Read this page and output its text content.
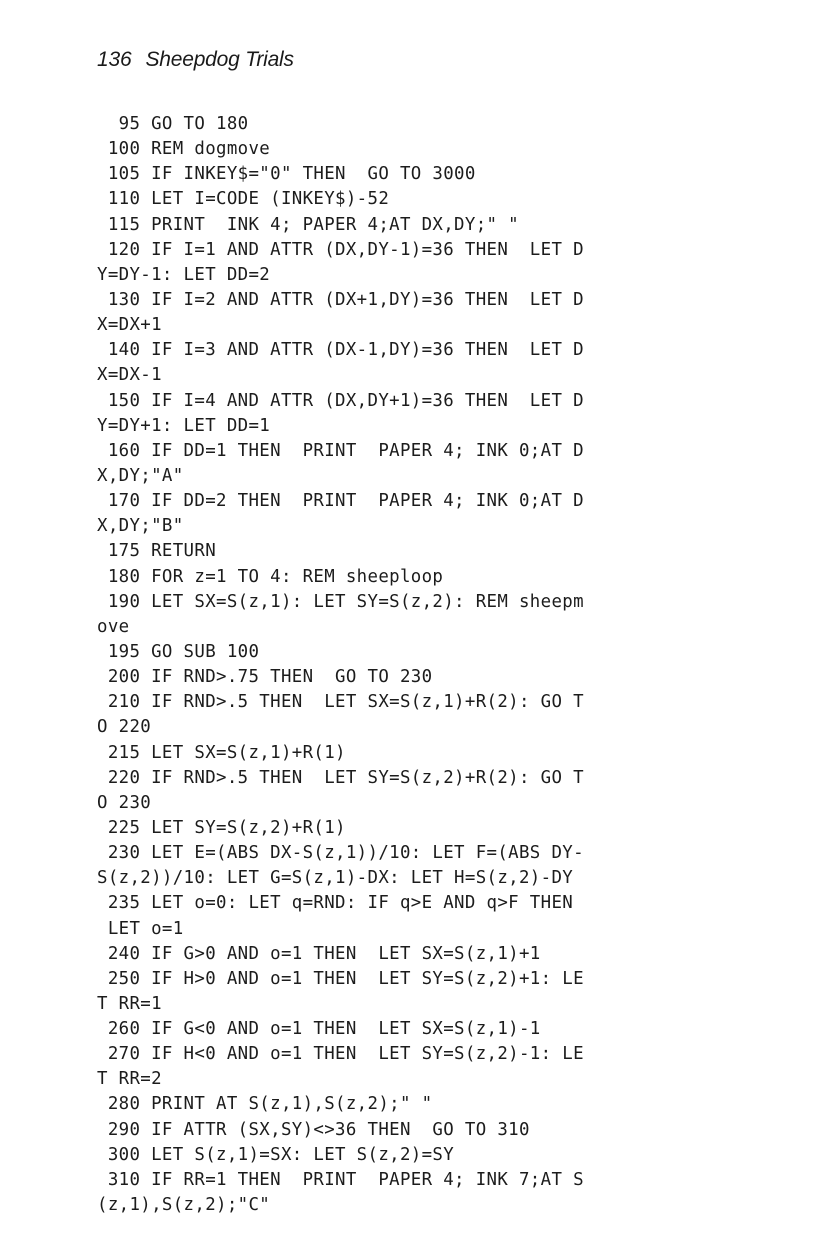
136 Sheepdog Trials
95 GO TO 180
100 REM dogmove
105 IF INKEY$="0" THEN  GO TO 3000
110 LET I=CODE (INKEY$)-52
115 PRINT  INK 4; PAPER 4;AT DX,DY;" "
120 IF I=1 AND ATTR (DX,DY-1)=36 THEN  LET D
Y=DY-1: LET DD=2
130 IF I=2 AND ATTR (DX+1,DY)=36 THEN  LET D
X=DX+1
140 IF I=3 AND ATTR (DX-1,DY)=36 THEN  LET D
X=DX-1
150 IF I=4 AND ATTR (DX,DY+1)=36 THEN  LET D
Y=DY+1: LET DD=1
160 IF DD=1 THEN  PRINT  PAPER 4; INK 0;AT D
X,DY;"A"
170 IF DD=2 THEN  PRINT  PAPER 4; INK 0;AT D
X,DY;"B"
175 RETURN
180 FOR z=1 TO 4: REM sheeploop
190 LET SX=S(z,1): LET SY=S(z,2): REM sheepm
ove
195 GO SUB 100
200 IF RND>.75 THEN  GO TO 230
210 IF RND>.5 THEN  LET SX=S(z,1)+R(2): GO T
O 220
215 LET SX=S(z,1)+R(1)
220 IF RND>.5 THEN  LET SY=S(z,2)+R(2): GO T
O 230
225 LET SY=S(z,2)+R(1)
230 LET E=(ABS DX-S(z,1))/10: LET F=(ABS DY-
S(z,2))/10: LET G=S(z,1)-DX: LET H=S(z,2)-DY
235 LET o=0: LET q=RND: IF q>E AND q>F THEN
LET o=1
240 IF G>0 AND o=1 THEN  LET SX=S(z,1)+1
250 IF H>0 AND o=1 THEN  LET SY=S(z,2)+1: LE
T RR=1
260 IF G<0 AND o=1 THEN  LET SX=S(z,1)-1
270 IF H<0 AND o=1 THEN  LET SY=S(z,2)-1: LE
T RR=2
280 PRINT AT S(z,1),S(z,2);" "
290 IF ATTR (SX,SY)<>36 THEN  GO TO 310
300 LET S(z,1)=SX: LET S(z,2)=SY
310 IF RR=1 THEN  PRINT  PAPER 4; INK 7;AT S
(z,1),S(z,2);"C"
